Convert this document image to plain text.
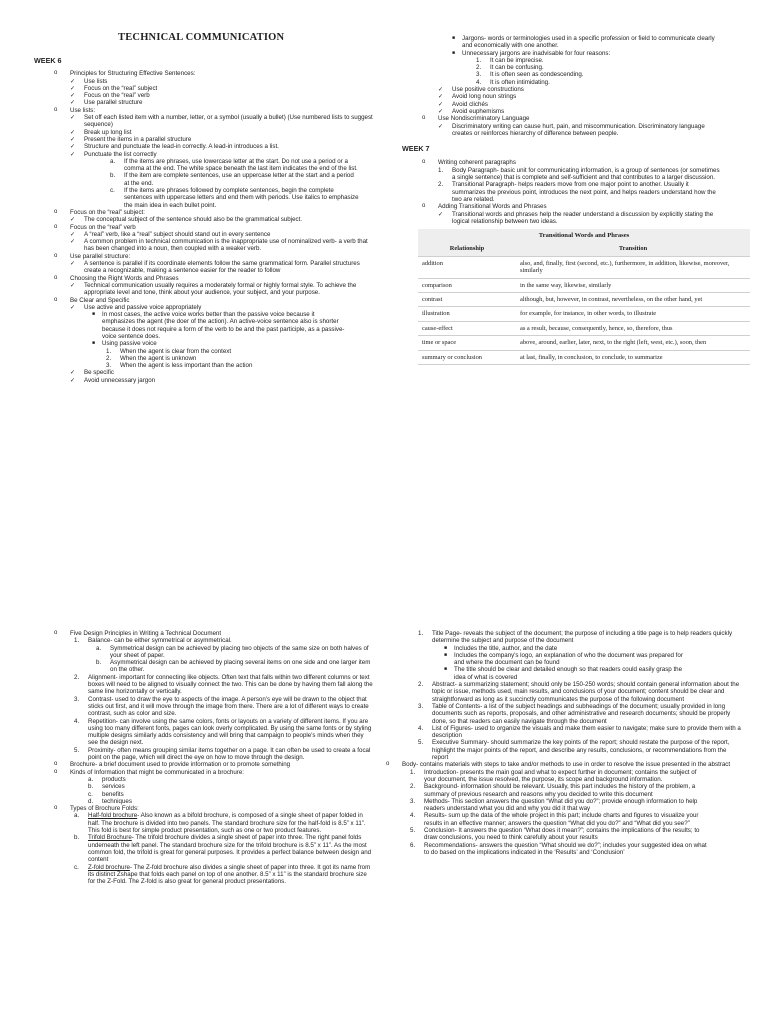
TECHNICAL COMMUNICATION

WEEK 6

o Principles for Structuring Effective Sentences:
✓ Use lists
✓ Focus on the “real” subject
✓ Focus on the “real” verb
✓ Use parallel structure
o Use lists:
✓ Set off each listed item with a number, letter, or a symbol (usually a bullet) (Use numbered lists to suggest sequence)
✓ Break up long list
✓ Present the items in a parallel structure
✓ Structure and punctuate the lead-in correctly. A lead-in introduces a list.
✓ Punctuate the list correctly
a. If the items are phrases, use lowercase letter at the start. Do not use a period or a comma at the end. The white space beneath the last item indicates the end of the list.
b. If the item are complete sentences, use an uppercase letter at the start and a period at the end.
c. If the items are phrases followed by complete sentences, begin the complete sentences with uppercase letters and end them with periods. Use italics to emphasize the main idea in each bullet point.
o Focus on the “real” subject:
✓ The conceptual subject of the sentence should also be the grammatical subject.
o Focus on the “real” verb
✓ A “real” verb, like a “real” subject should stand out in every sentence
✓ A common problem in technical communication is the inappropriate use of nominalized verb- a verb that has been changed into a noun, then coupled with a weaker verb.
o Use parallel structure:
✓ A sentence is parallel if its coordinate elements follow the same grammatical form. Parallel structures create a recognizable, making a sentence easier for the reader to follow
o Choosing the Right Words and Phrases
✓ Technical communication usually requires a moderately formal or highly formal style. To achieve the appropriate level and tone, think about your audience, your subject, and your purpose.
o Be Clear and Specific
✓ Use active and passive voice appropriately
■ In most cases, the active voice works better than the passive voice because it emphasizes the agent (the doer of the action). An active-voice sentence also is shorter because it does not require a form of the verb to be and the past participle, as a passive-voice sentence does.
■ Using passive voice
1. When the agent is clear from the context
2. When the agent is unknown
3. When the agent is less important than the action
✓ Be specific
✓ Avoid unnecessary jargon
■ Jargons- words or terminologies used in a specific profession or field to communicate clearly and economically with one another.
■ Unnecessary jargons are inadvisable for four reasons:
1. It can be imprecise.
2. It can be confusing.
3. It is often seen as condescending.
4. It is often intimidating.
✓ Use positive constructions
✓ Avoid long noun strings
✓ Avoid clichés
✓ Avoid euphemisms
o Use Nondiscriminatory Language
✓ Discriminatory writing can cause hurt, pain, and miscommunication. Discriminatory language creates or reinforces hierarchy of difference between people.

WEEK 7

o Writing coherent paragraphs
1. Body Paragraph- basic unit for communicating information, is a group of sentences (or sometimes a single sentence) that is complete and self-sufficient and that contributes to a larger discussion.
2. Transitional Paragraph- helps readers move from one major point to another. Usually it summarizes the previous point, introduces the next point, and helps readers understand how the two are related.
o Adding Transitional Words and Phrases
✓ Transitional words and phrases help the reader understand a discussion by explicitly stating the logical relationship between two ideas.
Transitional Words and Phrases
Relationship	Transition
addition	also, and, finally, first (second, etc.), furthermore, in addition, likewise, moreover, similarly
comparison	in the same way, likewise, similarly
contrast	although, but, however, in contrast, nevertheless, on the other hand, yet
illustration	for example, for instance, in other words, to illustrate
cause-effect	as a result, because, consequently, hence, so, therefore, thus
time or space	above, around, earlier, later, next, to the right (left, west, etc.), soon, then
summary or conclusion	at last, finally, in conclusion, to conclude, to summarize
o Five Design Principles in Writing a Technical Document
1. Balance- can be either symmetrical or asymmetrical.
a. Symmetrical design can be achieved by placing two objects of the same size on both halves of your sheet of paper.
b. Asymmetrical design can be achieved by placing several items on one side and one larger item on the other.
2. Alignment- important for connecting like objects. Often text that falls within two different columns or text boxes will need to be aligned to visually connect the two. This can be done by having them fall along the same line horizontally or vertically.
3. Contrast- used to draw the eye to aspects of the image. A person's eye will be drawn to the object that sticks out first, and it will move through the image from there. There are a lot of different ways to create contrast, such as color and size.
4. Repetition- can involve using the same colors, fonts or layouts on a variety of different items. If you are using too many different fonts, pages can look overly complicated. By using the same fonts or by styling multiple designs similarly adds consistency and will bring that campaign to people's minds when they see the design next.
5. Proximity- often means grouping similar items together on a page. It can often be used to create a focal point on the page, which will direct the eye on how to move through the design.
o Brochure- a brief document used to provide information or to promote something
o Kinds of Information that might be communicated in a brochure:
a. products
b. services
c. benefits
d. techniques
o Types of Brochure Folds:
a. Half-fold brochure- Also known as a bifold brochure, is composed of a single sheet of paper folded in half. The brochure is divided into two panels. The standard brochure size for the half-fold is 8.5” x 11”. This fold is best for simple product presentation, such as one or two product features.
b. Trifold Brochure- The trifold brochure divides a single sheet of paper into three. The right panel folds underneath the left panel. The standard brochure size for the trifold brochure is 8.5” x 11”. As the most common fold, the trifold is great for general purposes. It provides a perfect balance between design and content
c. Z-fold brochure- The Z-fold brochure also divides a single sheet of paper into three. It got its name from its distinct Zshape that folds each panel on top of one another. 8.5” x 11” is the standard brochure size for the Z-Fold. The Z-fold is also great for general product presentations.
1. Title Page- reveals the subject of the document; the purpose of including a title page is to help readers quickly determine the subject and purpose of the document
■ Includes the title, author, and the date
■ Includes the company's logo, an explanation of who the document was prepared for and where the document can be found
■ The title should be clear and detailed enough so that readers could easily grasp the idea of what is covered
2. Abstract- a summarizing statement; should only be 150-250 words; should contain general information about the topic or issue, methods used, main results, and conclusions of your document; content should be clear and straightforward as long as it succinctly communicates the purpose of the following document
3. Table of Contents- a list of the subject headings and subheadings of the document; usually provided in long documents such as reports, proposals, and other administrative and research documents; should be properly done, so that readers can easily navigate through the document
4. List of Figures- used to organize the visuals and make them easier to navigate; make sure to provide them with a description
5. Executive Summary- should summarize the key points of the report; should restate the purpose of the report, highlight the major points of the report, and describe any results, conclusions, or recommendations from the report
o Body- contains materials with steps to take and/or methods to use in order to resolve the issue presented in the abstract
1. Introduction- presents the main goal and what to expect further in document; contains the subject of your document, the issue resolved, the purpose, its scope and background information.
2. Background- information should be relevant. Usually, this part includes the history of the problem, a summary of previous research and reasons why you decided to write this document
3. Methods- This section answers the question “What did you do?”; provide enough information to help readers understand what you did and why you did it that way
4. Results- sum up the data of the whole project in this part; include charts and figures to visualize your results in an effective manner; answers the question “What did you do?” and “What did you see?”
5. Conclusion- It answers the question “What does it mean?”; contains the implications of the results; to draw conclusions, you need to think carefully about your results
6. Recommendations- answers the question “What should we do?”; includes your suggested idea on what to do based on the implications indicated in the ‘Results’ and ‘Conclusion’
